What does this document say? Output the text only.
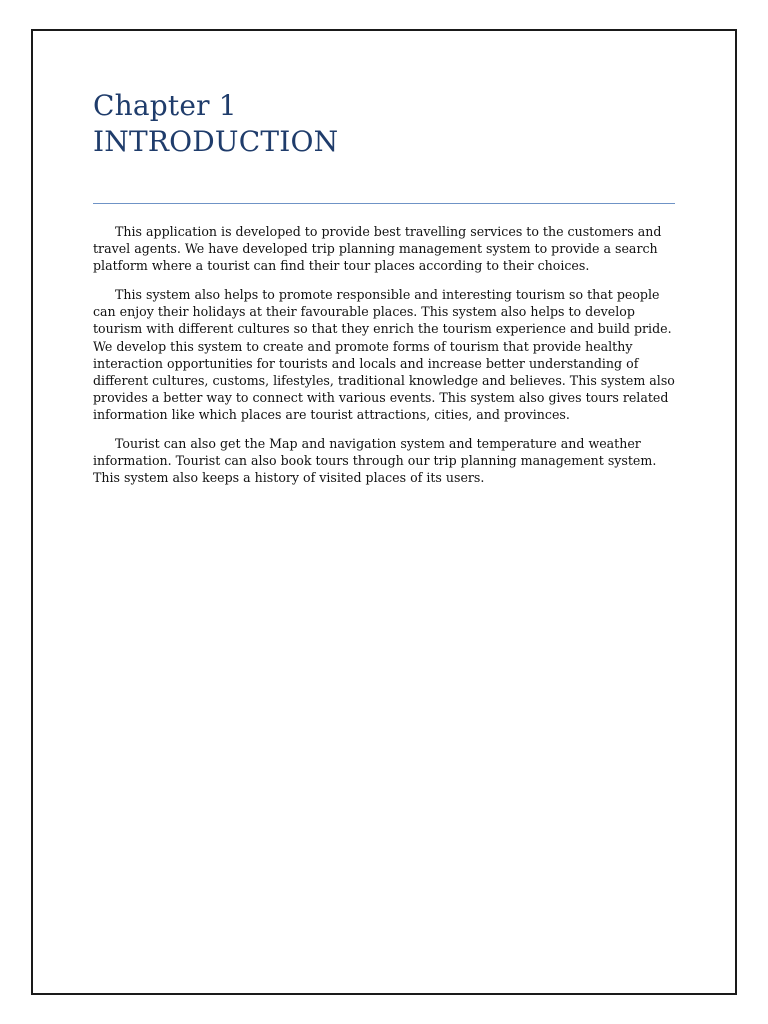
Chapter 1
INTRODUCTION

This application is developed to provide best travelling services to the customers and travel agents. We have developed trip planning management system to provide a search platform where a tourist can find their tour places according to their choices.

This system also helps to promote responsible and interesting tourism so that people can enjoy their holidays at their favourable places. This system also helps to develop tourism with different cultures so that they enrich the tourism experience and build pride. We develop this system to create and promote forms of tourism that provide healthy interaction opportunities for tourists and locals and increase better understanding of different cultures, customs, lifestyles, traditional knowledge and believes. This system also provides a better way to connect with various events. This system also gives tours related information like which places are tourist attractions, cities, and provinces.

Tourist can also get the Map and navigation system and temperature and weather information. Tourist can also book tours through our trip planning management system. This system also keeps a history of visited places of its users.
